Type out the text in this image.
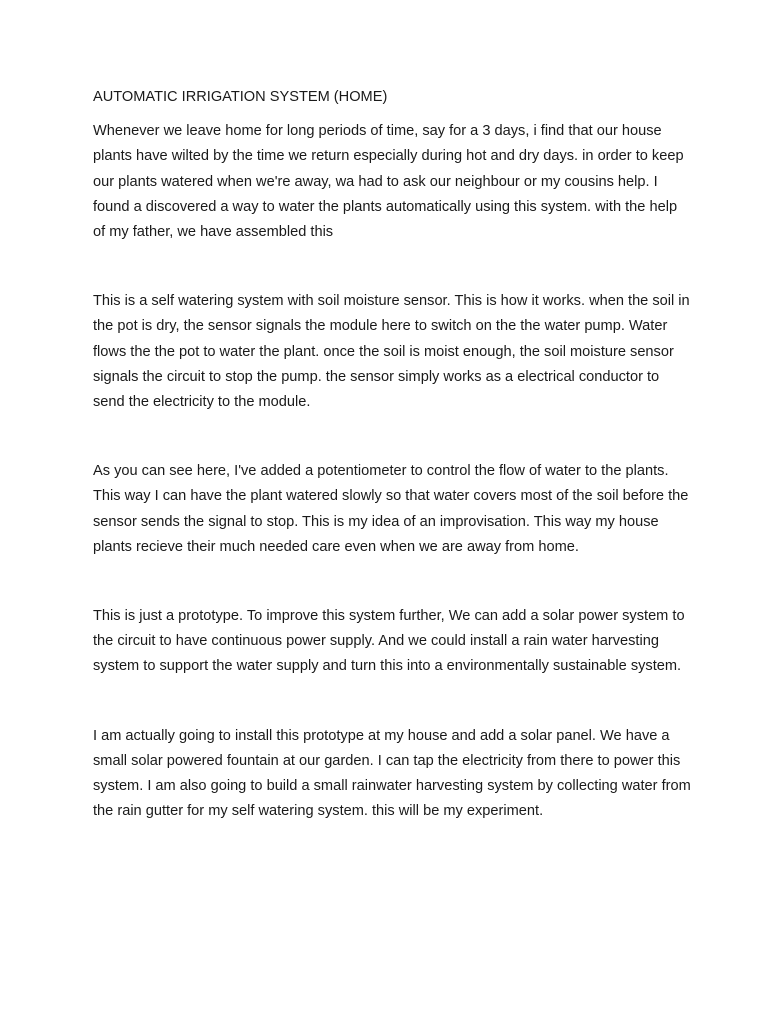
AUTOMATIC IRRIGATION SYSTEM (HOME)

Whenever we leave home for long periods of time, say for a 3 days, i find that our house plants have wilted by the time we return especially during hot and dry days. in order to keep our plants watered when we're away, wa had to ask our neighbour or my cousins help. I found a discovered a way to water the plants automatically using this system. with the help of my father, we have assembled this

This is a self watering system with soil moisture sensor. This is how it works. when the soil in the pot is dry, the sensor signals the module here to switch on the the water pump. Water flows the the pot to water the plant. once the soil is moist enough, the soil moisture sensor signals the circuit to stop the pump. the sensor simply works as a electrical conductor to send the electricity to the module.

As you can see here, I've added a potentiometer to control the flow of water to the plants. This way I can have the plant watered slowly so that water covers most of the soil before the sensor sends the signal to stop. This is my idea of an improvisation. This way my house plants recieve their much needed care even when we are away from home.

This is just a prototype. To improve this system further, We can add a solar power system to the circuit to have continuous power supply. And we could install a rain water harvesting system to support the water supply and turn this into a environmentally sustainable system.

I am actually going to install this prototype at my house and add a solar panel. We have a small solar powered fountain at our garden. I can tap the electricity from there to power this system. I am also going to build a small rainwater harvesting system by collecting water from the rain gutter for my self watering system. this will be my experiment.
